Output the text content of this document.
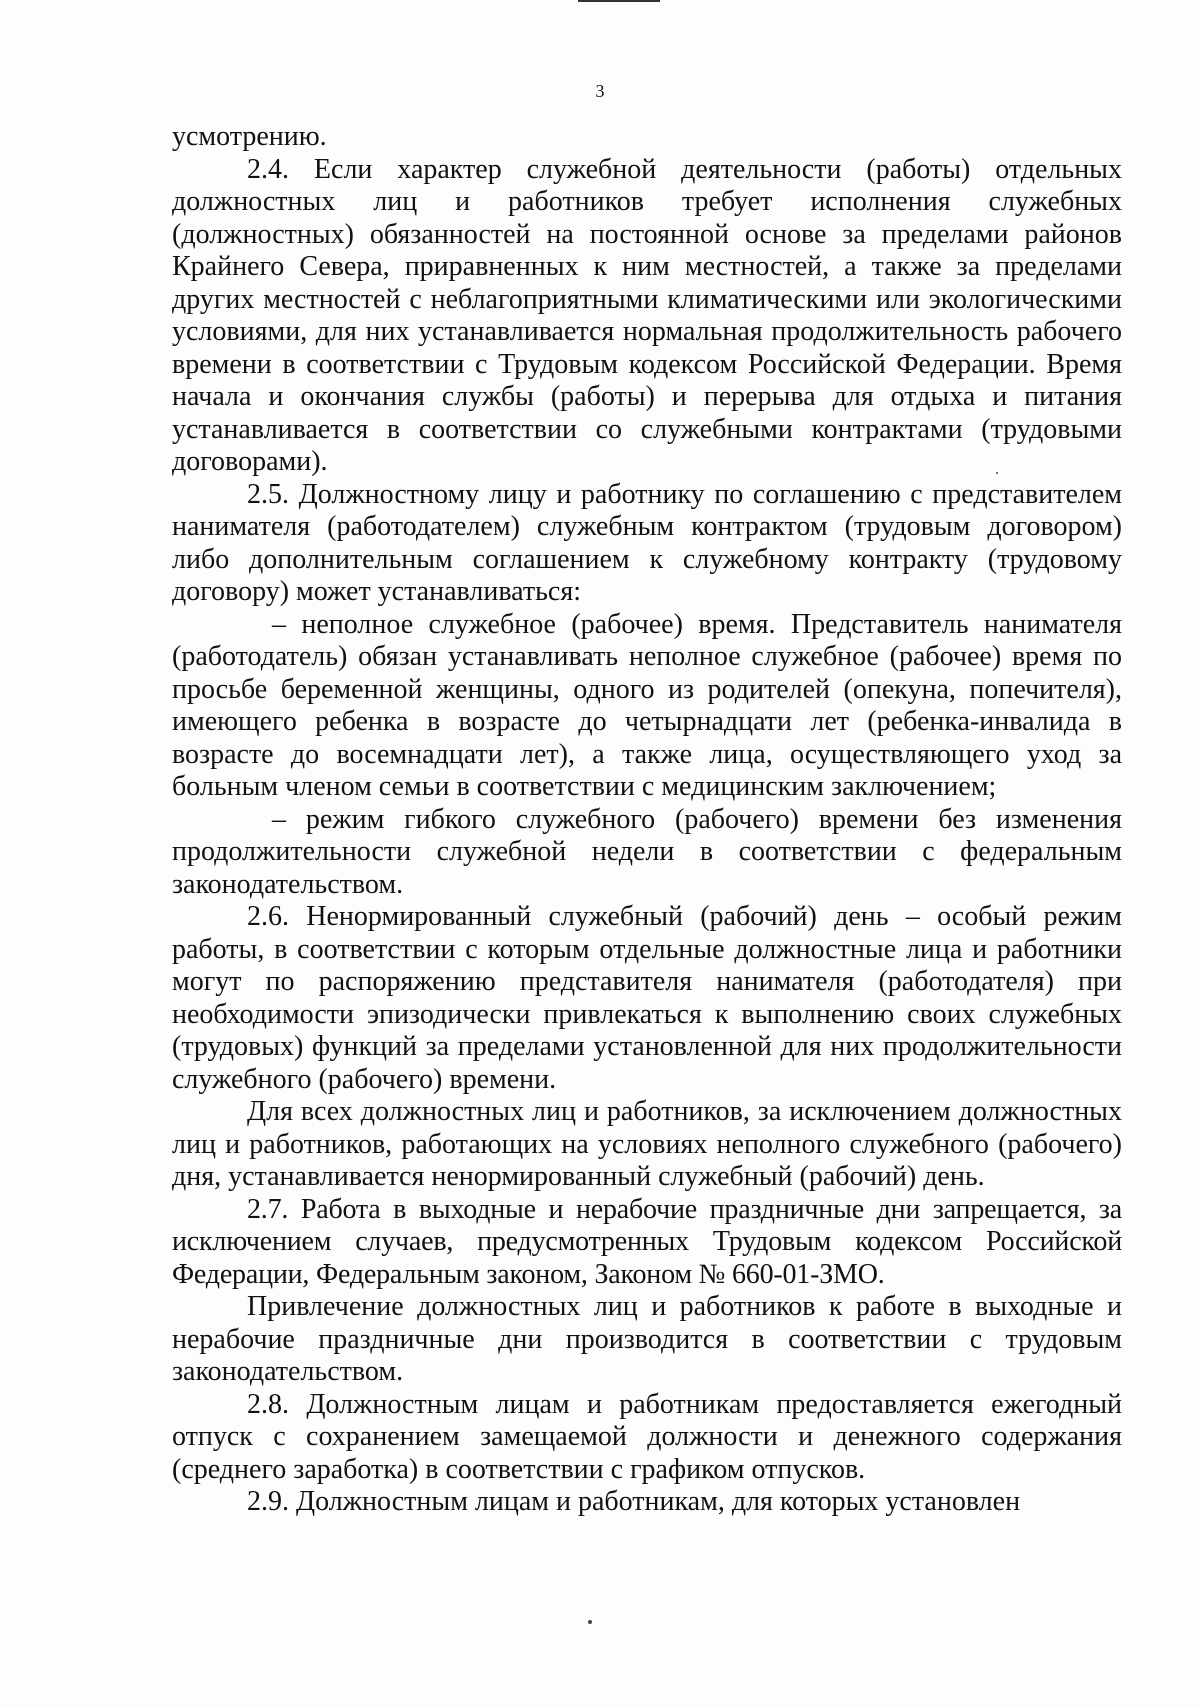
3

усмотрению.

2.4. Если характер служебной деятельности (работы) отдельных должностных лиц и работников требует исполнения служебных (должностных) обязанностей на постоянной основе за пределами районов Крайнего Севера, приравненных к ним местностей, а также за пределами других местностей с неблагоприятными климатическими или экологическими условиями, для них устанавливается нормальная продолжительность рабочего времени в соответствии с Трудовым кодексом Российской Федерации. Время начала и окончания службы (работы) и перерыва для отдыха и питания устанавливается в соответствии со служебными контрактами (трудовыми договорами).

2.5. Должностному лицу и работнику по соглашению с представителем нанимателя (работодателем) служебным контрактом (трудовым договором) либо дополнительным соглашением к служебному контракту (трудовому договору) может устанавливаться:

– неполное служебное (рабочее) время. Представитель нанимателя (работодатель) обязан устанавливать неполное служебное (рабочее) время по просьбе беременной женщины, одного из родителей (опекуна, попечителя), имеющего ребенка в возрасте до четырнадцати лет (ребенка-инвалида в возрасте до восемнадцати лет), а также лица, осуществляющего уход за больным членом семьи в соответствии с медицинским заключением;

– режим гибкого служебного (рабочего) времени без изменения продолжительности служебной недели в соответствии с федеральным законодательством.

2.6. Ненормированный служебный (рабочий) день – особый режим работы, в соответствии с которым отдельные должностные лица и работники могут по распоряжению представителя нанимателя (работодателя) при необходимости эпизодически привлекаться к выполнению своих служебных (трудовых) функций за пределами установленной для них продолжительности служебного (рабочего) времени.

Для всех должностных лиц и работников, за исключением должностных лиц и работников, работающих на условиях неполного служебного (рабочего) дня, устанавливается ненормированный служебный (рабочий) день.

2.7. Работа в выходные и нерабочие праздничные дни запрещается, за исключением случаев, предусмотренных Трудовым кодексом Российской Федерации, Федеральным законом, Законом № 660-01-ЗМО.

Привлечение должностных лиц и работников к работе в выходные и нерабочие праздничные дни производится в соответствии с трудовым законодательством.

2.8. Должностным лицам и работникам предоставляется ежегодный отпуск с сохранением замещаемой должности и денежного содержания (среднего заработка) в соответствии с графиком отпусков.

2.9. Должностным лицам и работникам, для которых установлен
